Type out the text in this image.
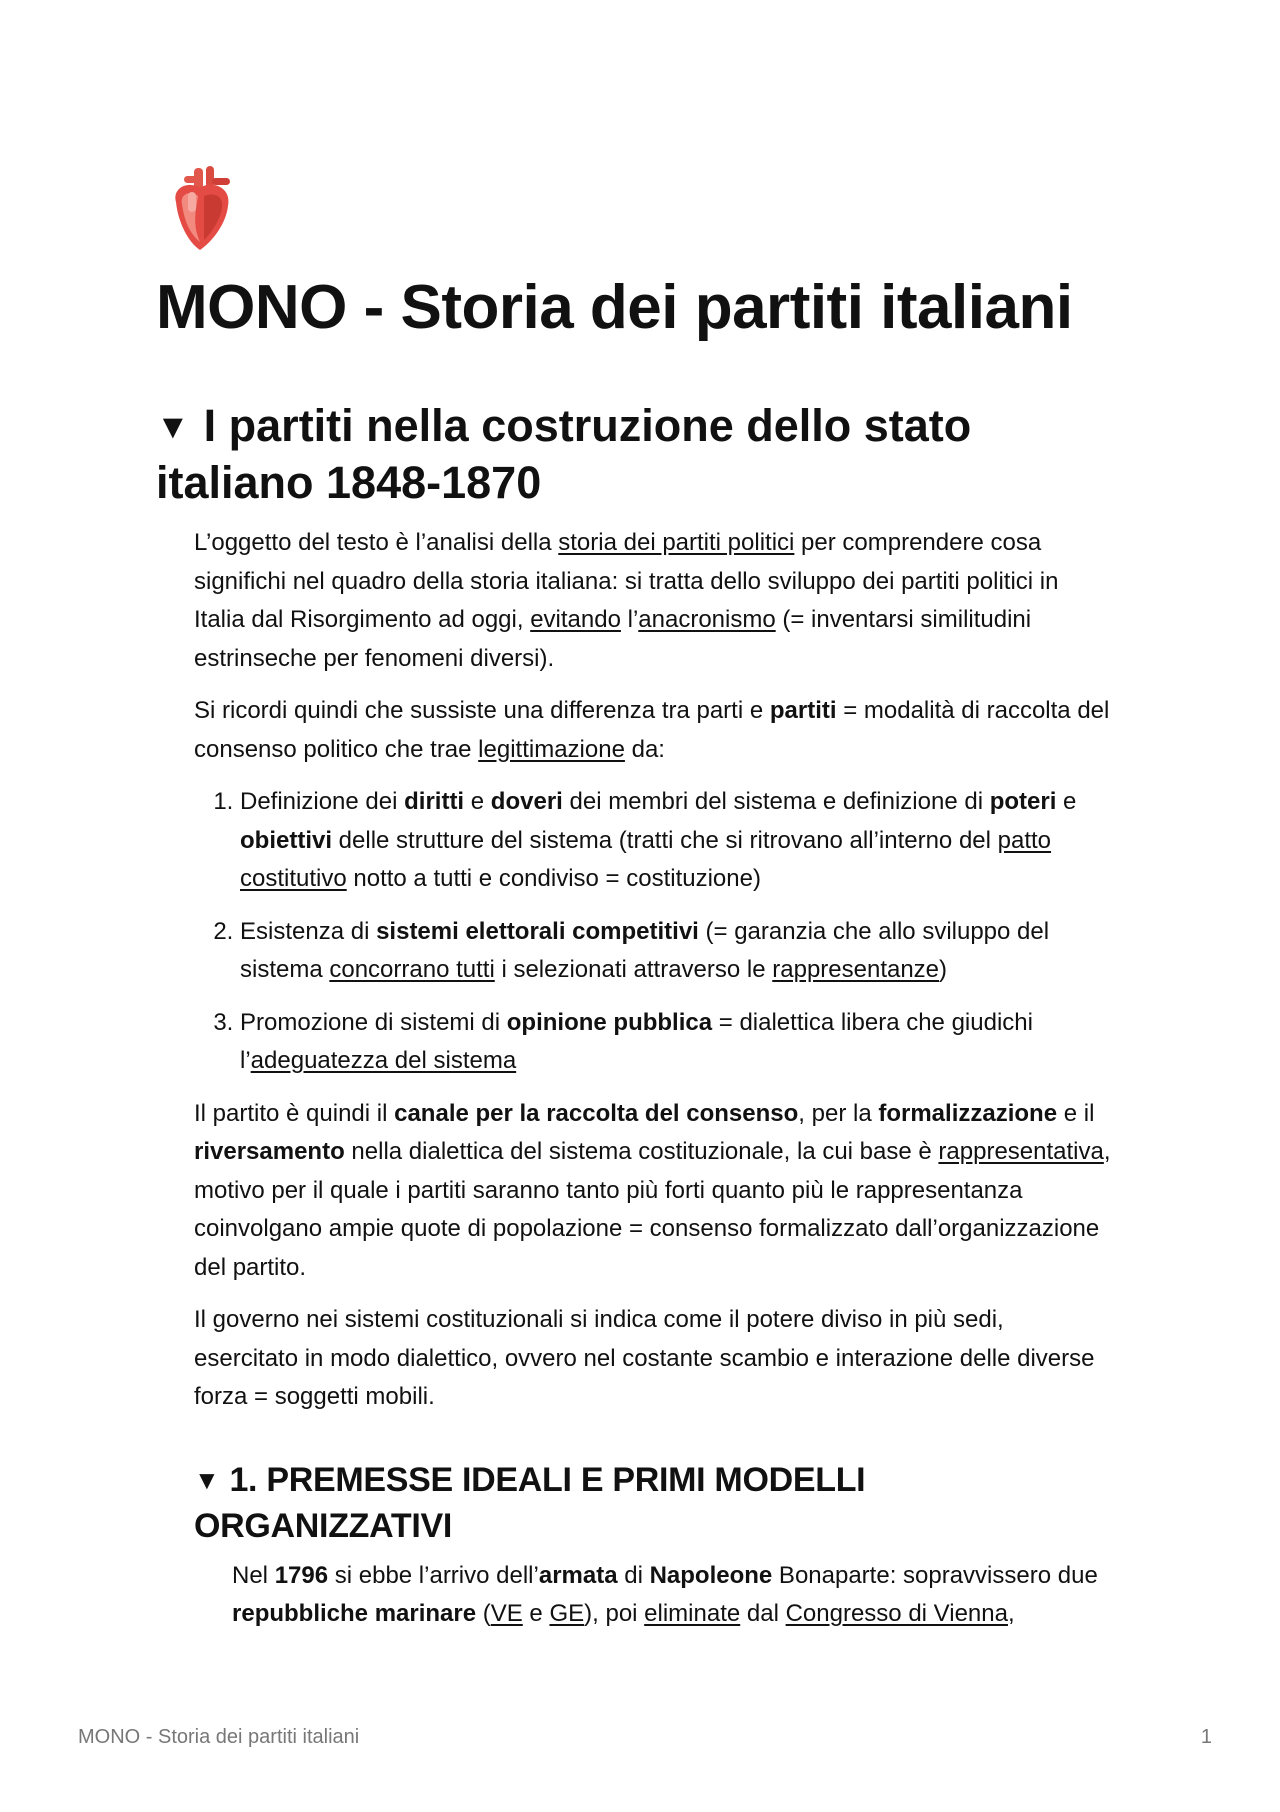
MONO - Storia dei partiti italiani
▼ I partiti nella costruzione dello stato italiano 1848-1870

L’oggetto del testo è l’analisi della storia dei partiti politici per comprendere cosa significhi nel quadro della storia italiana: si tratta dello sviluppo dei partiti politici in Italia dal Risorgimento ad oggi, evitando l’anacronismo (= inventarsi similitudini estrinseche per fenomeni diversi).

Si ricordi quindi che sussiste una differenza tra parti e partiti = modalità di raccolta del consenso politico che trae legittimazione da:

1. Definizione dei diritti e doveri dei membri del sistema e definizione di poteri e obiettivi delle strutture del sistema (tratti che si ritrovano all’interno del patto costitutivo notto a tutti e condiviso = costituzione)
2. Esistenza di sistemi elettorali competitivi (= garanzia che allo sviluppo del sistema concorrano tutti i selezionati attraverso le rappresentanze)
3. Promozione di sistemi di opinione pubblica = dialettica libera che giudichi l’adeguatezza del sistema

Il partito è quindi il canale per la raccolta del consenso, per la formalizzazione e il riversamento nella dialettica del sistema costituzionale, la cui base è rappresentativa, motivo per il quale i partiti saranno tanto più forti quanto più le rappresentanza coinvolgano ampie quote di popolazione = consenso formalizzato dall’organizzazione del partito.

Il governo nei sistemi costituzionali si indica come il potere diviso in più sedi, esercitato in modo dialettico, ovvero nel costante scambio e interazione delle diverse forza = soggetti mobili.

▼ 1. PREMESSE IDEALI E PRIMI MODELLI ORGANIZZATIVI

Nel 1796 si ebbe l’arrivo dell’armata di Napoleone Bonaparte: sopravvissero due repubbliche marinare (VE e GE), poi eliminate dal Congresso di Vienna,

MONO - Storia dei partiti italiani	1
